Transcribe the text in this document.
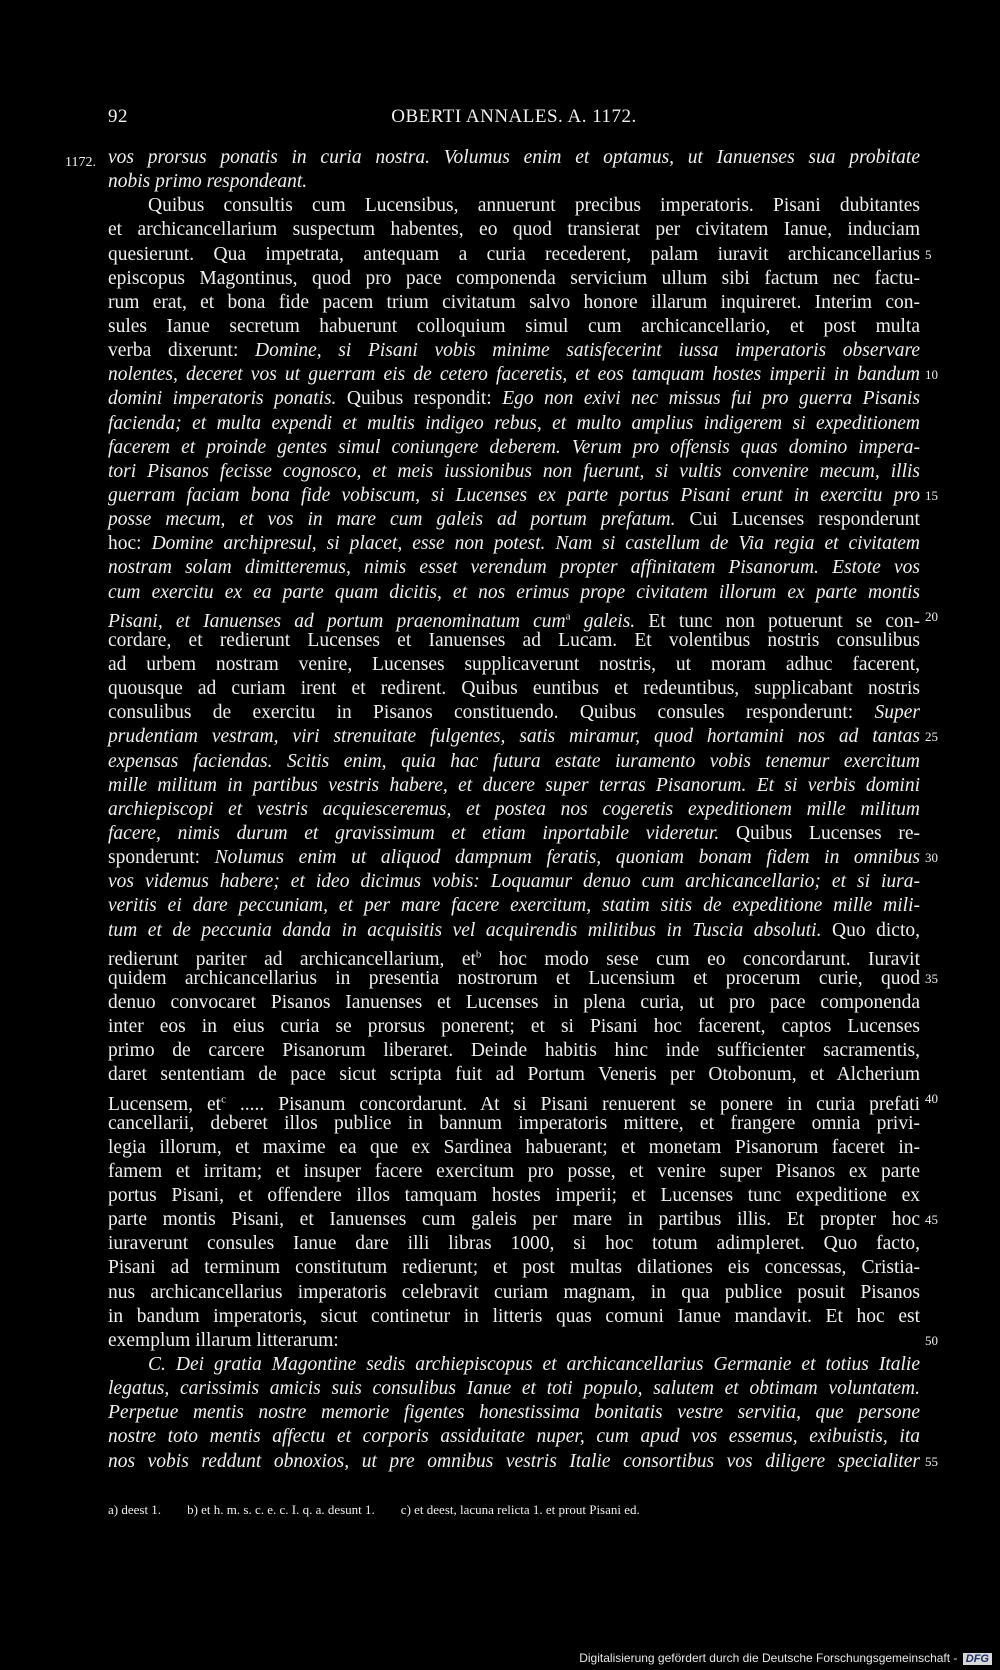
92	OBERTI ANNALES. A. 1172.
1172. vos prorsus ponatis in curia nostra. Volumus enim et optamus, ut Ianuenses sua probitate
nobis primo respondeant.
Quibus consultis cum Lucensibus, annuerunt precibus imperatoris. Pisani dubitantes
et archicancellarium suspectum habentes, eo quod transierat per civitatem Ianue, induciam
quesierunt. Qua impetrata, antequam a curia recederent, palam iuravit archicancellarius 5
episcopus Magontinus, quod pro pace componenda servicium ullum sibi factum nec factu-
rum erat, et bona fide pacem trium civitatum salvo honore illarum inquireret. Interim con-
sules Ianue secretum habuerunt colloquium simul cum archicancellario, et post multa
verba dixerunt: Domine, si Pisani vobis minime satisfecerint iussa imperatoris observare
nolentes, deceret vos ut guerram eis de cetero faceretis, et eos tamquam hostes imperii in bandum 10
domini imperatoris ponatis. Quibus respondit: Ego non exivi nec missus fui pro guerra Pisanis
facienda; et multa expendi et multis indigeo rebus, et multo amplius indigerem si expeditionem
facerem et proinde gentes simul coniungere deberem. Verum pro offensis quas domino impera-
tori Pisanos fecisse cognosco, et meis iussionibus non fuerunt, si vultis convenire mecum, illis
guerram faciam bona fide vobiscum, si Lucenses ex parte portus Pisani erunt in exercitu pro 15
posse mecum, et vos in mare cum galeis ad portum prefatum. Cui Lucenses responderunt
hoc: Domine archipresul, si placet, esse non potest. Nam si castellum de Via regia et civitatem
nostram solam dimitteremus, nimis esset verendum propter affinitatem Pisanorum. Estote vos
cum exercitu ex ea parte quam dicitis, et nos erimus prope civitatem illorum ex parte montis
Pisani, et Ianuenses ad portum praenominatum cum$^a$ galeis. Et tunc non potuerunt se con- 20
cordare, et redierunt Lucenses et Ianuenses ad Lucam. Et volentibus nostris consulibus
ad urbem nostram venire, Lucenses supplicaverunt nostris, ut moram adhuc facerent,
quousque ad curiam irent et redirent. Quibus euntibus et redeuntibus, supplicabant nostris
consulibus de exercitu in Pisanos constituendo. Quibus consules responderunt: Super
prudentiam vestram, viri strenuitate fulgentes, satis miramur, quod hortamini nos ad tantas 25
expensas faciendas. Scitis enim, quia hac futura estate iuramento vobis tenemur exercitum
mille militum in partibus vestris habere, et ducere super terras Pisanorum. Et si verbis domini
archiepiscopi et vestris acquiesceremus, et postea nos cogeretis expeditionem mille militum
facere, nimis durum et gravissimum et etiam inportabile videretur. Quibus Lucenses re-
sponderunt: Nolumus enim ut aliquod dampnum feratis, quoniam bonam fidem in omnibus 30
vos videmus habere; et ideo dicimus vobis: Loquamur denuo cum archicancellario; et si iura-
veritis ei dare peccuniam, et per mare facere exercitum, statim sitis de expeditione mille mili-
tum et de peccunia danda in acquisitis vel acquirendis militibus in Tuscia absoluti. Quo dicto,
redierunt pariter ad archicancellarium, $et^b$ hoc modo sese cum eo concordarunt. Iuravit
quidem archicancellarius in presentia nostrorum et Lucensium et procerum curie, quod 35
denuo convocaret Pisanos Ianuenses et Lucenses in plena curia, ut pro pace componenda
inter eos in eius curia se prorsus ponerent; et si Pisani hoc facerent, captos Lucenses
primo de carcere Pisanorum liberaret. Deinde habitis hinc inde sufficienter sacramentis,
daret sententiam de pace sicut scripta fuit ad Portum Veneris per Otobonum, et Alcherium
Lucensem, $et^c$ ..... Pisanum concordarunt. At si Pisani renuerent se ponere in curia prefati 40
cancellarii, deberet illos publice in bannum imperatoris mittere, et frangere omnia privi-
legia illorum, et maxime ea que ex Sardinea habuerant; et monetam Pisanorum faceret in-
famem et irritam; et insuper facere exercitum pro posse, et venire super Pisanos ex parte
portus Pisani, et offendere illos tamquam hostes imperii; et Lucenses tunc expeditione ex
parte montis Pisani, et Ianuenses cum galeis per mare in partibus illis. Et propter hoc 45
iuraverunt consules Ianue dare illi libras 1000, si hoc totum adimpleret. Quo facto,
Pisani ad terminum constitutum redierunt; et post multas dilationes eis concessas, Cristia-
nus archicancellarius imperatoris celebravit curiam magnam, in qua publice posuit Pisanos
in bandum imperatoris, sicut continetur in litteris quas comuni Ianue mandavit. Et hoc est
exemplum illarum litterarum:	50
C. Dei gratia Magontine sedis archiepiscopus et archicancellarius Germanie et totius Italie
legatus, carissimis amicis suis consulibus Ianue et toti populo, salutem et obtimam voluntatem.
Perpetue mentis nostre memorie figentes honestissima bonitatis vestre servitia, que persone
nostre toto mentis affectu et corporis assiduitate nuper, cum apud vos essemus, exibuistis, ita
nos vobis reddunt obnoxios, ut pre omnibus vestris Italie consortibus vos diligere specialiter 55
a) deest 1. b) et h. m. s. c. e. c. I. q. a. desunt 1. c) et deest, lacuna relicta 1. et prout Pisani ed.
Digitalisierung gefördert durch die Deutsche Forschungsgemeinschaft - DFG
